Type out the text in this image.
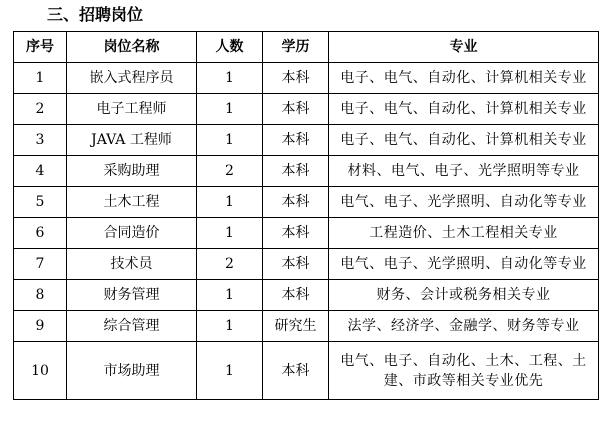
三、招聘岗位
序号	岗位名称	人数	学历	专业
1	嵌入式程序员	1	本科	电子、电气、自动化、计算机相关专业
2	电子工程师	1	本科	电子、电气、自动化、计算机相关专业
3	JAVA 工程师	1	本科	电子、电气、自动化、计算机相关专业
4	采购助理	2	本科	材料、电气、电子、光学照明等专业
5	土木工程	1	本科	电气、电子、光学照明、自动化等专业
6	合同造价	1	本科	工程造价、土木工程相关专业
7	技术员	2	本科	电气、电子、光学照明、自动化等专业
8	财务管理	1	本科	财务、会计或税务相关专业
9	综合管理	1	研究生	法学、经济学、金融学、财务等专业
10	市场助理	1	本科	电气、电子、自动化、土木、工程、土建、市政等相关专业优先
